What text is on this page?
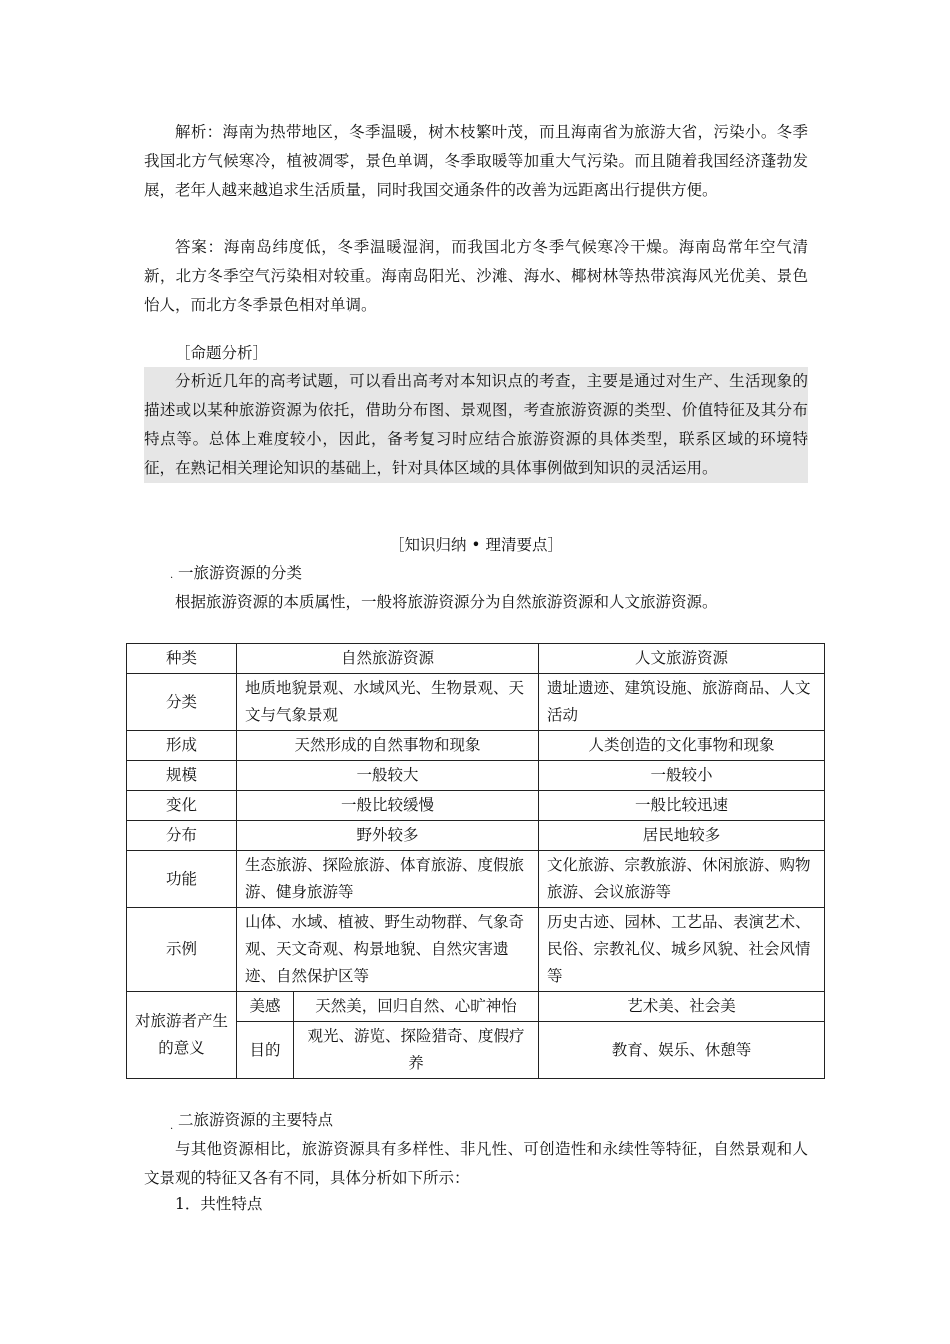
解析：海南为热带地区，冬季温暖，树木枝繁叶茂，而且海南省为旅游大省，污染小。冬季我国北方气候寒冷，植被凋零，景色单调，冬季取暖等加重大气污染。而且随着我国经济蓬勃发展，老年人越来越追求生活质量，同时我国交通条件的改善为远距离出行提供方便。

答案：海南岛纬度低，冬季温暖湿润，而我国北方冬季气候寒冷干燥。海南岛常年空气清新，北方冬季空气污染相对较重。海南岛阳光、沙滩、海水、椰树林等热带滨海风光优美、景色怡人，而北方冬季景色相对单调。

［命题分析］

分析近几年的高考试题，可以看出高考对本知识点的考查，主要是通过对生产、生活现象的描述或以某种旅游资源为依托，借助分布图、景观图，考查旅游资源的类型、价值特征及其分布特点等。总体上难度较小，因此，备考复习时应结合旅游资源的具体类型，联系区域的环境特征，在熟记相关理论知识的基础上，针对具体区域的具体事例做到知识的灵活运用。

［知识归纳 • 理清要点］
. 一旅游资源的分类
根据旅游资源的本质属性，一般将旅游资源分为自然旅游资源和人文旅游资源。
种类	自然旅游资源		人文旅游资源
分类	地质地貌景观、水域风光、生物景观、天文与气象景观		遗址遗迹、建筑设施、旅游商品、人文活动
形成	天然形成的自然事物和现象		人类创造的文化事物和现象
规模	一般较大		一般较小
变化	一般比较缓慢		一般比较迅速
分布	野外较多		居民地较多
功能	生态旅游、探险旅游、体育旅游、度假旅游、健身旅游等		文化旅游、宗教旅游、休闲旅游、购物旅游、会议旅游等
示例	山体、水域、植被、野生动物群、气象奇观、天文奇观、构景地貌、自然灾害遗迹、自然保护区等		历史古迹、园林、工艺品、表演艺术、民俗、宗教礼仪、城乡风貌、社会风情等
对旅游者产生的意义	美感	天然美，回归自然、心旷神怡	艺术美、社会美
	目的	观光、游览、探险猎奇、度假疗养	教育、娱乐、休憩等
. 二旅游资源的主要特点

与其他资源相比，旅游资源具有多样性、非凡性、可创造性和永续性等特征，自然景观和人文景观的特征又各有不同，具体分析如下所示：

1．共性特点
